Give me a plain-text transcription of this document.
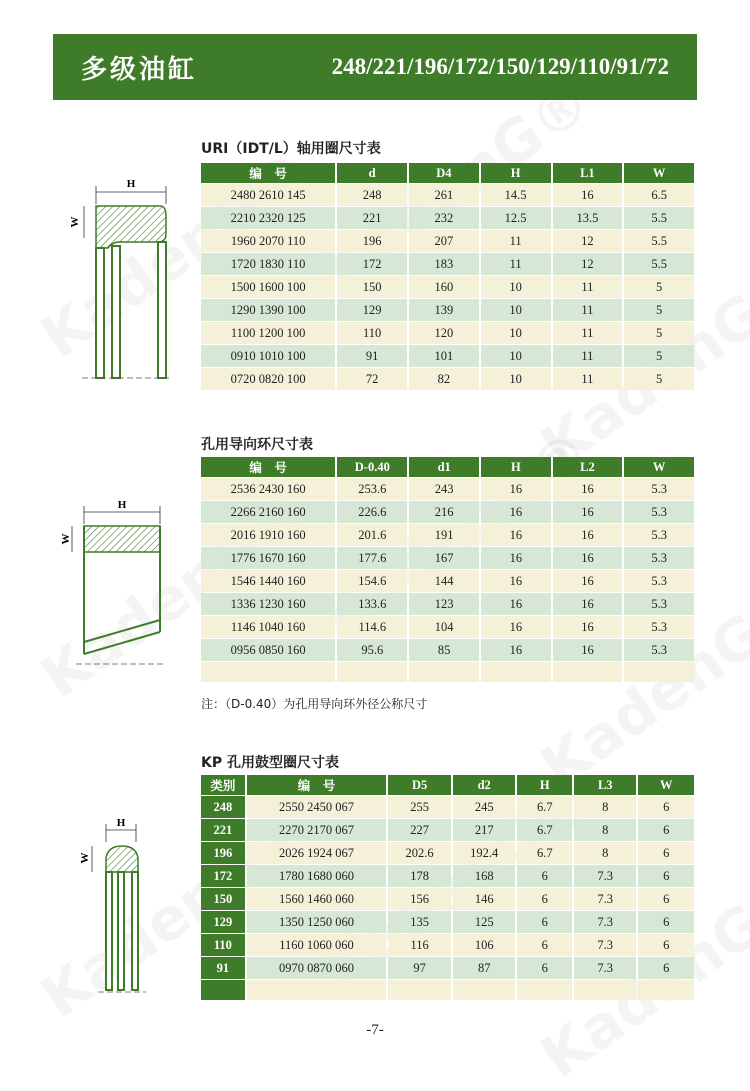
多级油缸	248/221/196/172/150/129/110/91/72
URI（IDT/L）轴用圈尺寸表
H
W
编　号	d	D4	H	L1	W
2480 2610 145	248	261	14.5	16	6.5
2210 2320 125	221	232	12.5	13.5	5.5
1960 2070 110	196	207	11	12	5.5
1720 1830 110	172	183	11	12	5.5
1500 1600 100	150	160	10	11	5
1290 1390 100	129	139	10	11	5
1100 1200 100	110	120	10	11	5
0910 1010 100	91	101	10	11	5
0720 0820 100	72	82	10	11	5
孔用导向环尺寸表
H
W
编　号	D-0.40	d1	H	L2	W
2536 2430 160	253.6	243	16	16	5.3
2266 2160 160	226.6	216	16	16	5.3
2016 1910 160	201.6	191	16	16	5.3
1776 1670 160	177.6	167	16	16	5.3
1546 1440 160	154.6	144	16	16	5.3
1336 1230 160	133.6	123	16	16	5.3
1146 1040 160	114.6	104	16	16	5.3
0956 0850 160	95.6	85	16	16	5.3

注：（D-0.40）为孔用导向环外径公称尺寸
KP 孔用鼓型圈尺寸表
H
W
类别	编　号	D5	d2	H	L3	W
248	2550 2450 067	255	245	6.7	8	6
221	2270 2170 067	227	217	6.7	8	6
196	2026 1924 067	202.6	192.4	6.7	8	6
172	1780 1680 060	178	168	6	7.3	6
150	1560 1460 060	156	146	6	7.3	6
129	1350 1250 060	135	125	6	7.3	6
110	1160 1060 060	116	106	6	7.3	6
91	0970 0870 060	97	87	6	7.3	6

-7-
